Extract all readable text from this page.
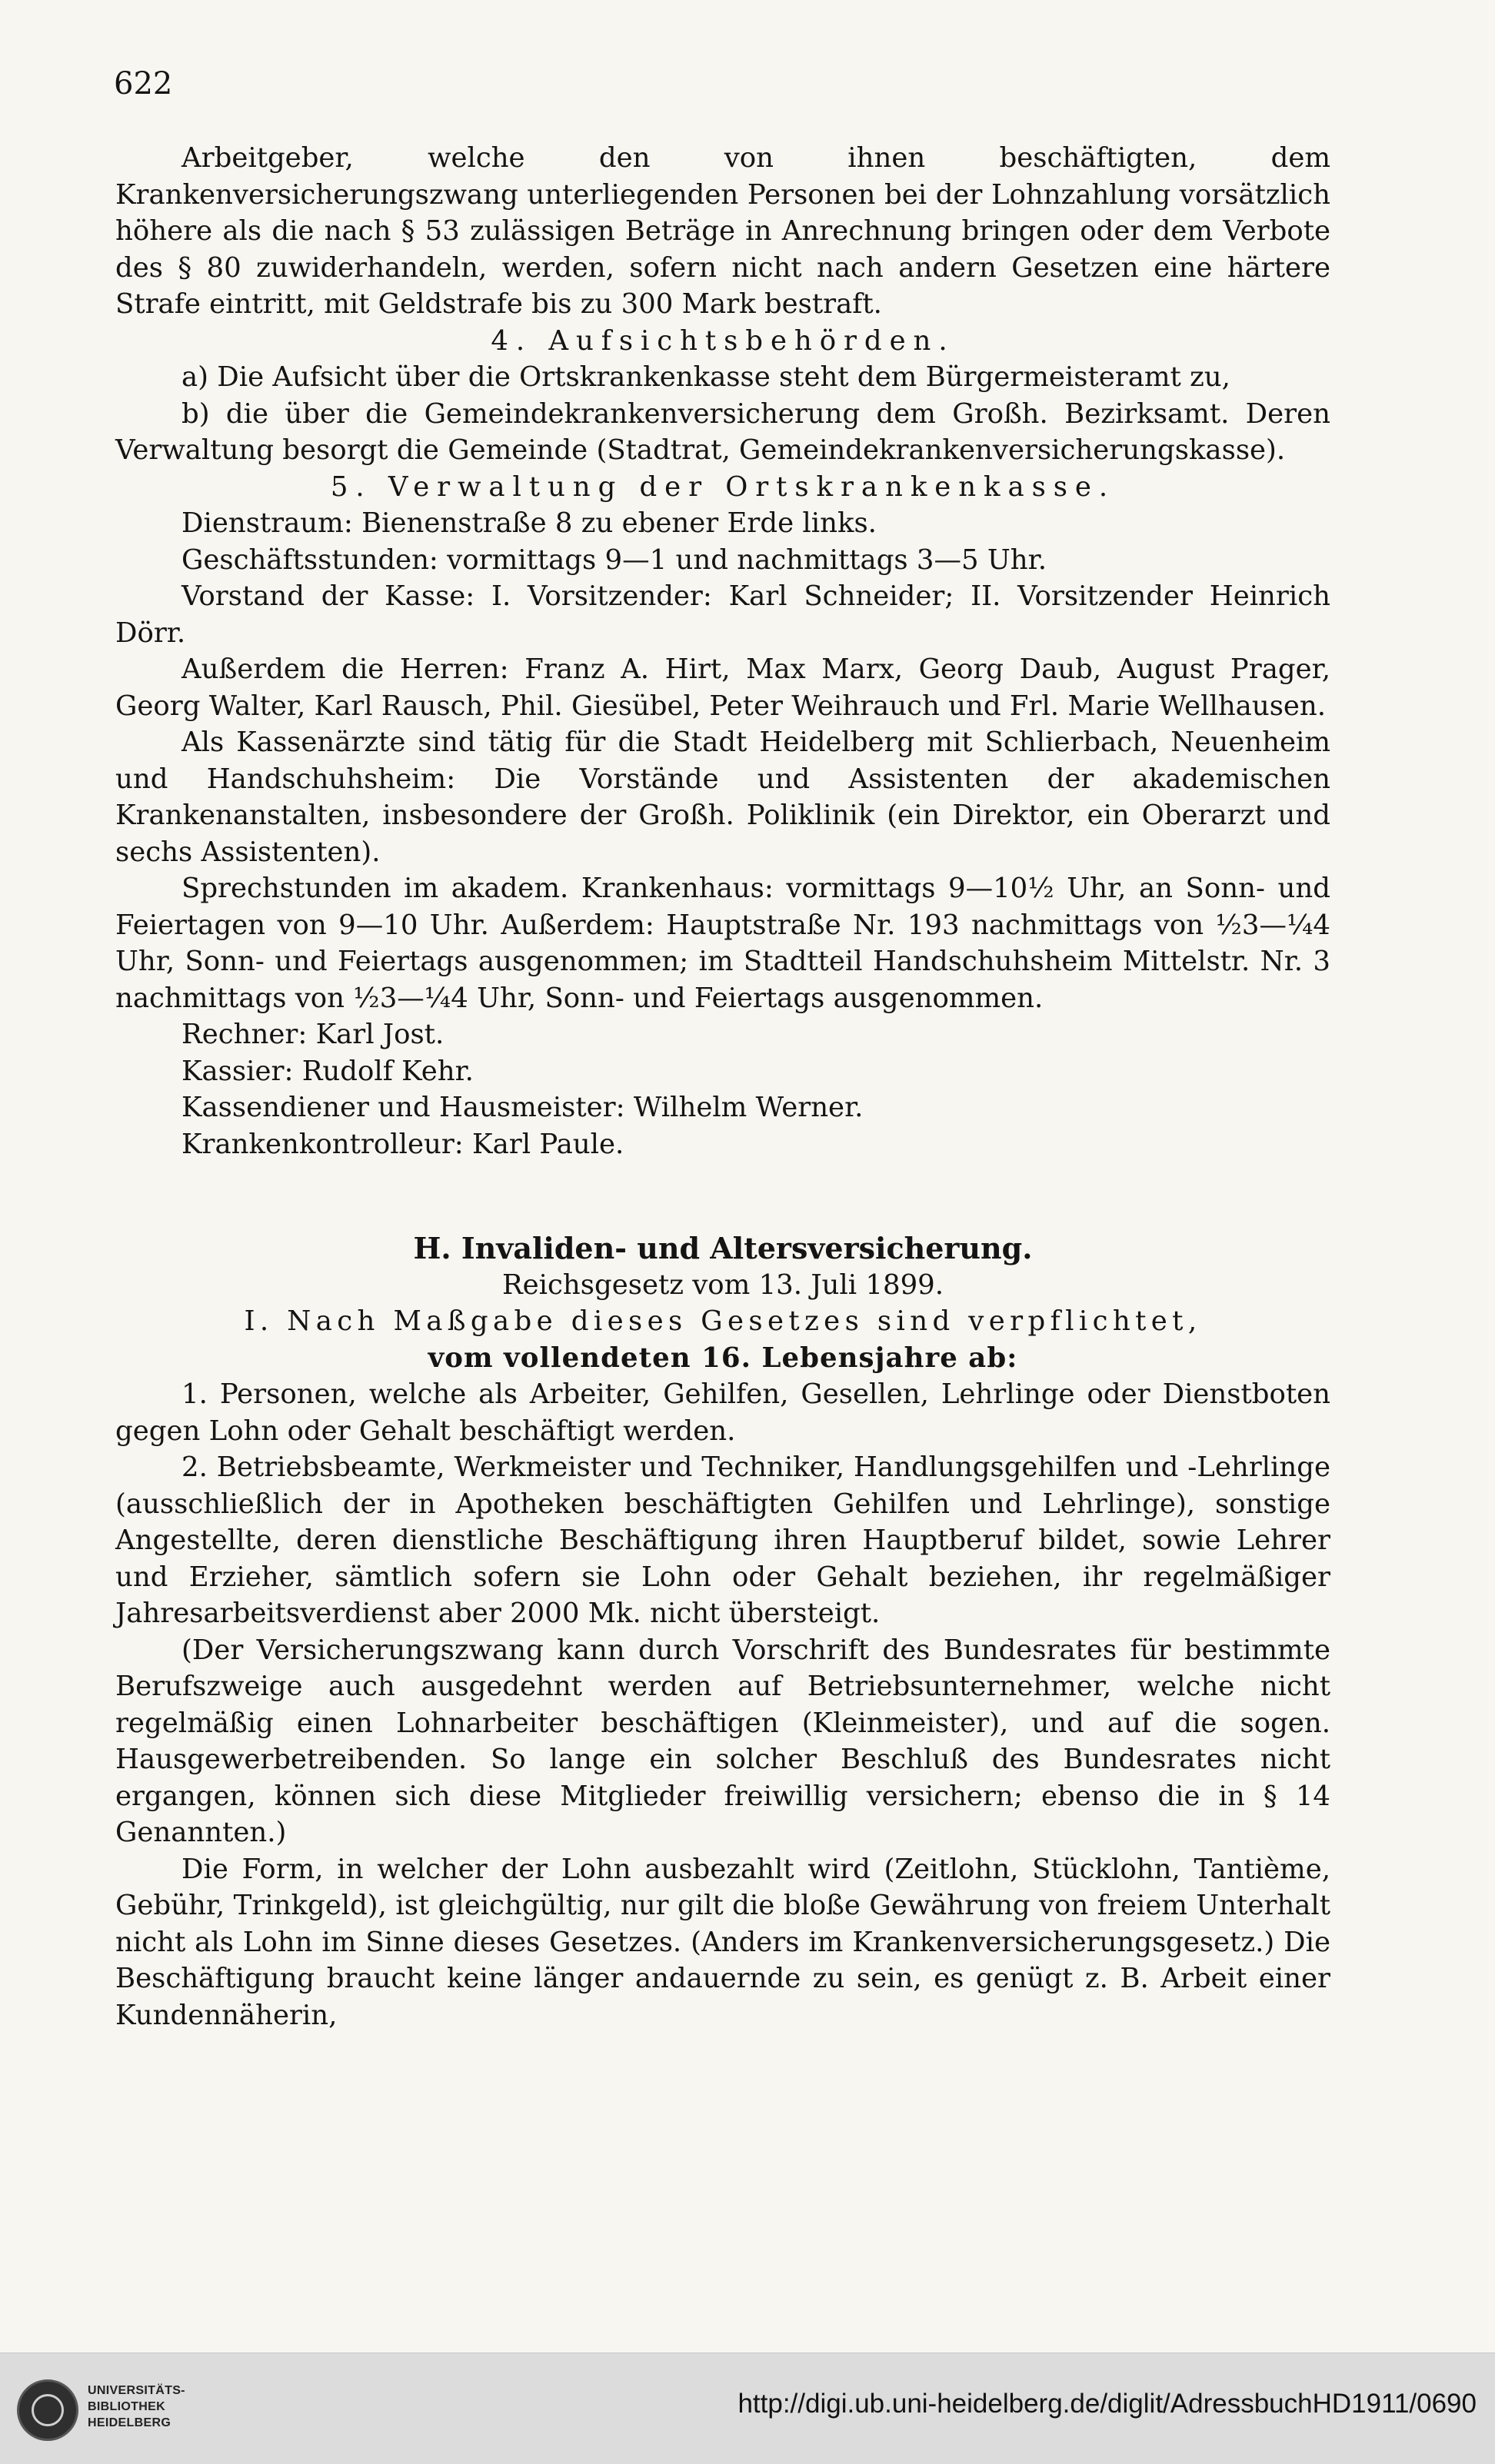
622

Arbeitgeber, welche den von ihnen beschäftigten, dem Krankenversicherungszwang unterliegenden Personen bei der Lohnzahlung vorsätzlich höhere als die nach § 53 zulässigen Beträge in Anrechnung bringen oder dem Verbote des § 80 zuwiderhandeln, werden, sofern nicht nach andern Gesetzen eine härtere Strafe eintritt, mit Geldstrafe bis zu 300 Mark bestraft.

4. Aufsichtsbehörden.

a) Die Aufsicht über die Ortskrankenkasse steht dem Bürgermeisteramt zu,

b) die über die Gemeindekrankenversicherung dem Großh. Bezirksamt. Deren Verwaltung besorgt die Gemeinde (Stadtrat, Gemeindekrankenversicherungskasse).

5. Verwaltung der Ortskrankenkasse.

Dienstraum: Bienenstraße 8 zu ebener Erde links.

Geschäftsstunden: vormittags 9—1 und nachmittags 3—5 Uhr.

Vorstand der Kasse: I. Vorsitzender: Karl Schneider; II. Vorsitzender Heinrich Dörr.

Außerdem die Herren: Franz A. Hirt, Max Marx, Georg Daub, August Prager, Georg Walter, Karl Rausch, Phil. Giesübel, Peter Weihrauch und Frl. Marie Wellhausen.

Als Kassenärzte sind tätig für die Stadt Heidelberg mit Schlierbach, Neuenheim und Handschuhsheim: Die Vorstände und Assistenten der akademischen Krankenanstalten, insbesondere der Großh. Poliklinik (ein Direktor, ein Oberarzt und sechs Assistenten).

Sprechstunden im akadem. Krankenhaus: vormittags 9—10½ Uhr, an Sonn- und Feiertagen von 9—10 Uhr. Außerdem: Hauptstraße Nr. 193 nachmittags von ½3—¼4 Uhr, Sonn- und Feiertags ausgenommen; im Stadtteil Handschuhsheim Mittelstr. Nr. 3 nachmittags von ½3—¼4 Uhr, Sonn- und Feiertags ausgenommen.

Rechner: Karl Jost.

Kassier: Rudolf Kehr.

Kassendiener und Hausmeister: Wilhelm Werner.

Krankenkontrolleur: Karl Paule.

H. Invaliden- und Altersversicherung.

Reichsgesetz vom 13. Juli 1899.

I. Nach Maßgabe dieses Gesetzes sind verpflichtet,

vom vollendeten 16. Lebensjahre ab:

1. Personen, welche als Arbeiter, Gehilfen, Gesellen, Lehrlinge oder Dienstboten gegen Lohn oder Gehalt beschäftigt werden.

2. Betriebsbeamte, Werkmeister und Techniker, Handlungsgehilfen und -Lehrlinge (ausschließlich der in Apotheken beschäftigten Gehilfen und Lehrlinge), sonstige Angestellte, deren dienstliche Beschäftigung ihren Hauptberuf bildet, sowie Lehrer und Erzieher, sämtlich sofern sie Lohn oder Gehalt beziehen, ihr regelmäßiger Jahresarbeitsverdienst aber 2000 Mk. nicht übersteigt.

(Der Versicherungszwang kann durch Vorschrift des Bundesrates für bestimmte Berufszweige auch ausgedehnt werden auf Betriebsunternehmer, welche nicht regelmäßig einen Lohnarbeiter beschäftigen (Kleinmeister), und auf die sogen. Hausgewerbetreibenden. So lange ein solcher Beschluß des Bundesrates nicht ergangen, können sich diese Mitglieder freiwillig versichern; ebenso die in § 14 Genannten.)

Die Form, in welcher der Lohn ausbezahlt wird (Zeitlohn, Stücklohn, Tantième, Gebühr, Trinkgeld), ist gleichgültig, nur gilt die bloße Gewährung von freiem Unterhalt nicht als Lohn im Sinne dieses Gesetzes. (Anders im Krankenversicherungsgesetz.) Die Beschäftigung braucht keine länger andauernde zu sein, es genügt z. B. Arbeit einer Kundennäherin,

UNIVERSITÄTS-
BIBLIOTHEK
HEIDELBERG
http://digi.ub.uni-heidelberg.de/diglit/AdressbuchHD1911/0690
